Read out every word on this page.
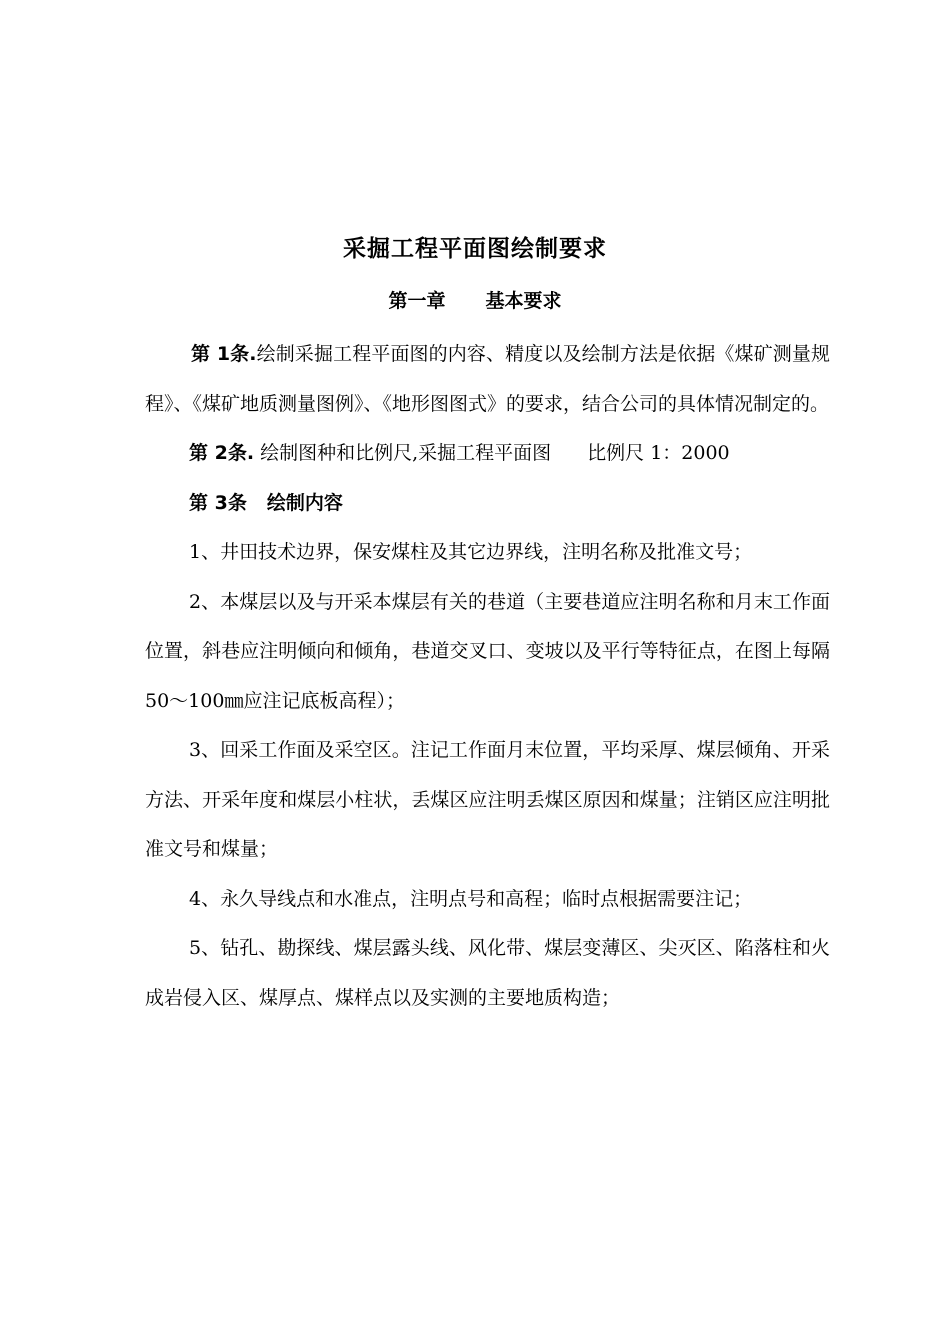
采掘工程平面图绘制要求
第一章 基本要求

第 1条.绘制采掘工程平面图的内容、精度以及绘制方法是依据《煤矿测量规程》、《煤矿地质测量图例》、《地形图图式》的要求，结合公司的具体情况制定的。

第 2条. 绘制图种和比例尺,采掘工程平面图 比例尺 1：2000

第 3条 绘制内容

1、井田技术边界，保安煤柱及其它边界线，注明名称及批准文号；

2、本煤层以及与开采本煤层有关的巷道（主要巷道应注明名称和月末工作面位置，斜巷应注明倾向和倾角，巷道交叉口、变坡以及平行等特征点，在图上每隔 50～100㎜应注记底板高程）；

3、回采工作面及采空区。注记工作面月末位置，平均采厚、煤层倾角、开采方法、开采年度和煤层小柱状，丢煤区应注明丢煤区原因和煤量；注销区应注明批准文号和煤量；

4、永久导线点和水准点，注明点号和高程；临时点根据需要注记；

5、钻孔、勘探线、煤层露头线、风化带、煤层变薄区、尖灭区、陷落柱和火成岩侵入区、煤厚点、煤样点以及实测的主要地质构造；
